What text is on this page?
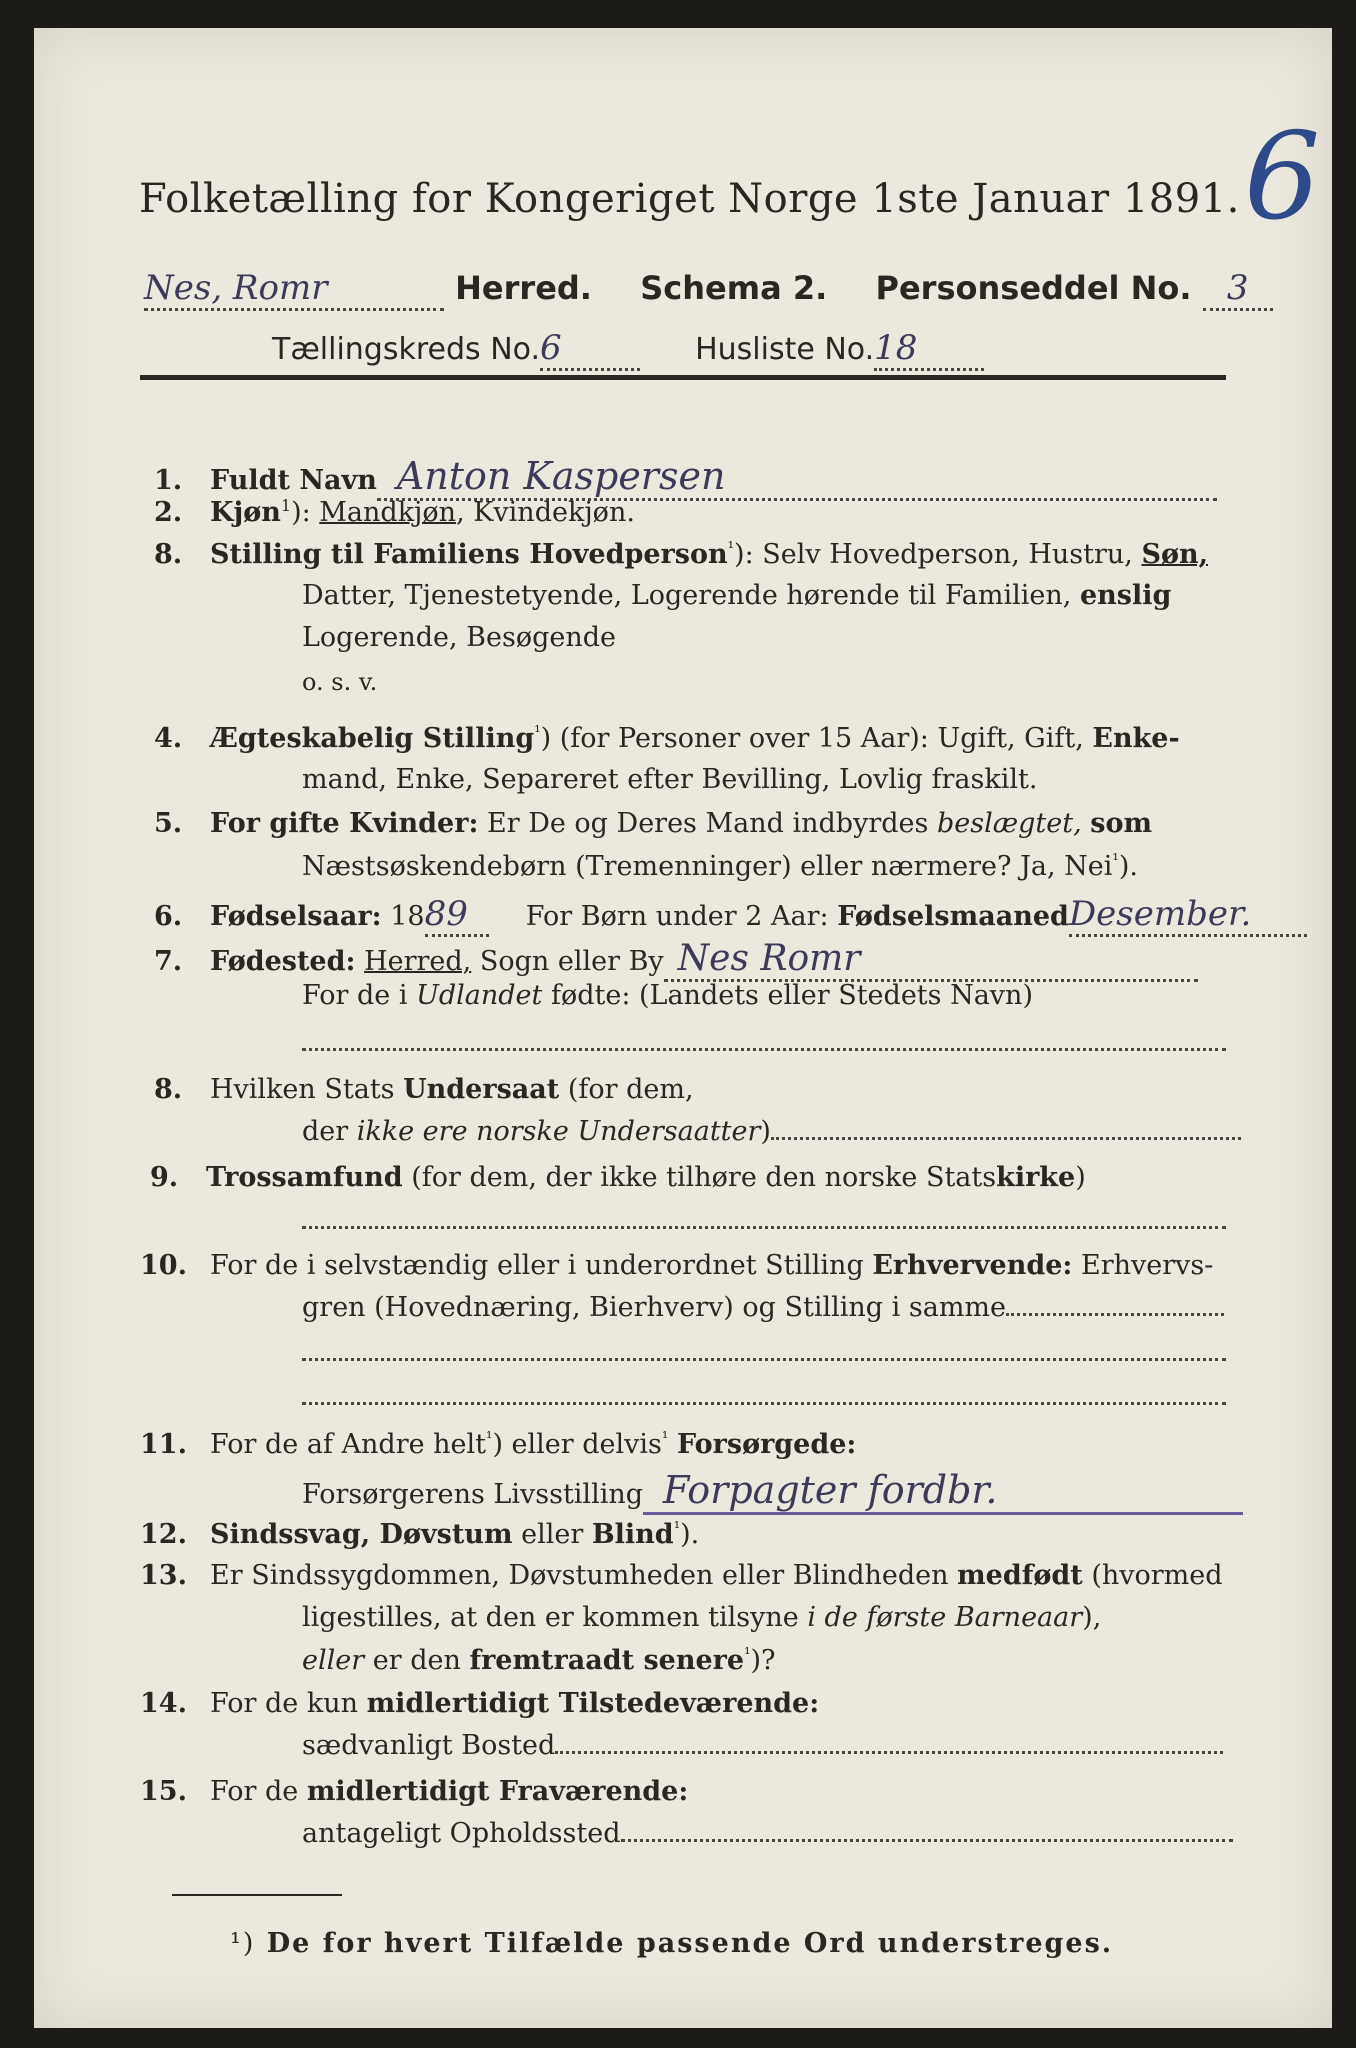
Folketælling for Kongeriget Norge 1ste Januar 1891. 6
Nes, Romr	Herred. Schema 2. Personseddel No. 3
Tællingskreds No.6	Husliste No.18
1. Fuldt Navn Anton Kaspersen
2. Kjøn$^1$): Mandkjøn, Kvindekjøn.
8. Stilling til Familiens Hovedperson$^{^1}$): Selv Hovedperson, Hustru, Søn,
Datter, Tjenestetyende, Logerende hørende til Familien, enslig
Logerende, Besøgende
o. s. v.
4. Ægteskabelig Stilling$^{^1}$) (for Personer over 15 Aar): Ugift, Gift, Enke-
mand, Enke, Separeret efter Bevilling, Lovlig fraskilt.
5. For gifte Kvinder: Er De og Deres Mand indbyrdes beslægtet, som
Næstsøskendebørn (Tremenninger) eller nærmere? Ja, Nei$^{^1}$).
6. Fødselsaar: 1889 For Børn under 2 Aar: FødselsmaanedDesember.
7. Fødested: Herred, Sogn eller By Nes Romr
For de i Udlandet fødte: (Landets eller Stedets Navn)
8. Hvilken Stats Undersaat (for dem,
der ikke ere norske Undersaatter)
9. Trossamfund (for dem, der ikke tilhøre den norske Statskirke)
10. For de i selvstændig eller i underordnet Stilling Erhvervende: Erhvervs-
gren (Hovednæring, Bierhverv) og Stilling i samme
11. For de af Andre helt$^{^1}$) eller delvis$^{^1}$ Forsørgede:
Forsørgerens Livsstilling Forpagter fordbr.
12. Sindssvag, Døvstum eller Blind$^{^1}$).
13. Er Sindssygdommen, Døvstumheden eller Blindheden medfødt (hvormed
ligestilles, at den er kommen tilsyne i de første Barneaar),
eller er den fremtraadt senere$^{^1}$)?
14. For de kun midlertidigt Tilstedeværende:
sædvanligt Bosted
15. For de midlertidigt Fraværende:
antageligt Opholdssted
¹) De for hvert Tilfælde passende Ord understreges.
